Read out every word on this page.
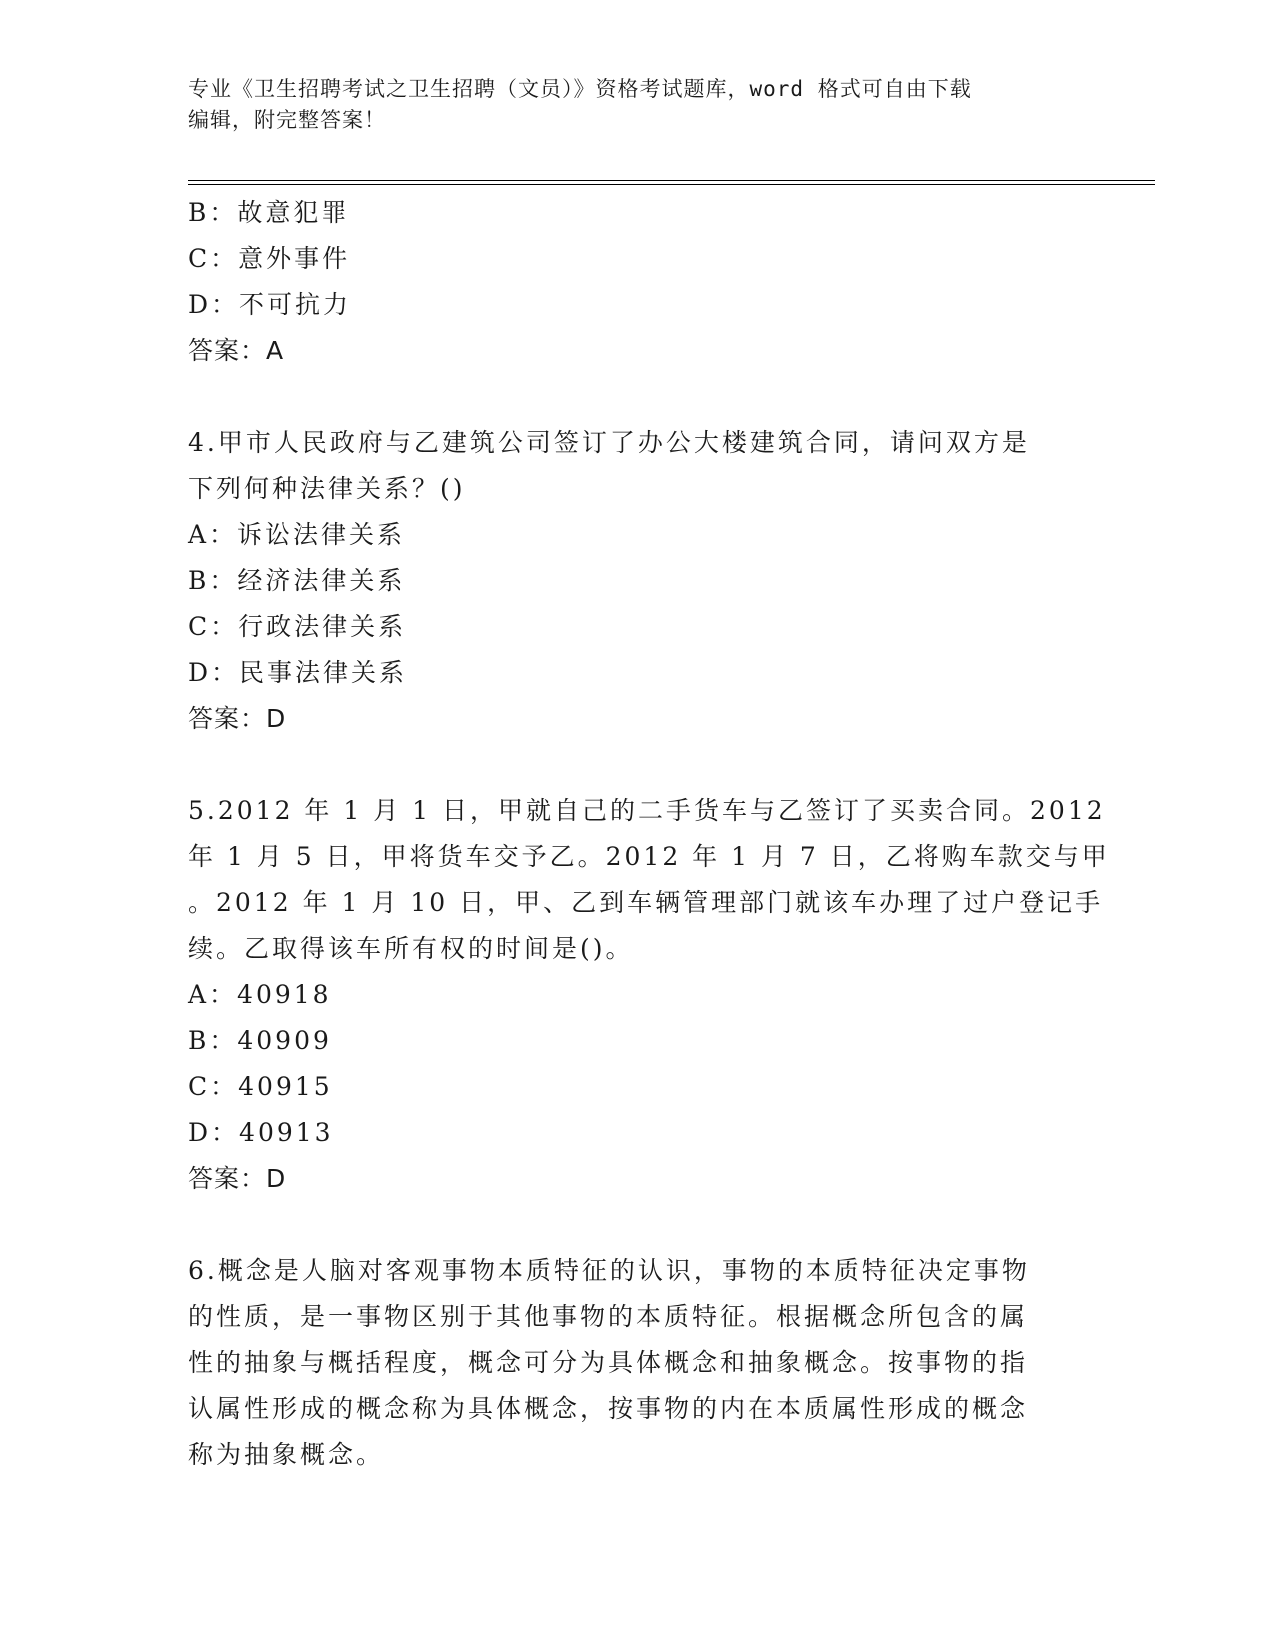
专业《卫生招聘考试之卫生招聘（文员）》资格考试题库，word 格式可自由下载
编辑，附完整答案！
B：故意犯罪
C：意外事件
D：不可抗力
答案：A
4.甲市人民政府与乙建筑公司签订了办公大楼建筑合同，请问双方是
下列何种法律关系？()
A：诉讼法律关系
B：经济法律关系
C：行政法律关系
D：民事法律关系
答案：D
5.2012 年 1 月 1 日，甲就自己的二手货车与乙签订了买卖合同。2012
年 1 月 5 日，甲将货车交予乙。2012 年 1 月 7 日，乙将购车款交与甲
。2012 年 1 月 10 日，甲、乙到车辆管理部门就该车办理了过户登记手
续。乙取得该车所有权的时间是()。
A：40918
B：40909
C：40915
D：40913
答案：D
6.概念是人脑对客观事物本质特征的认识，事物的本质特征决定事物
的性质，是一事物区别于其他事物的本质特征。根据概念所包含的属
性的抽象与概括程度，概念可分为具体概念和抽象概念。按事物的指
认属性形成的概念称为具体概念，按事物的内在本质属性形成的概念
称为抽象概念。
